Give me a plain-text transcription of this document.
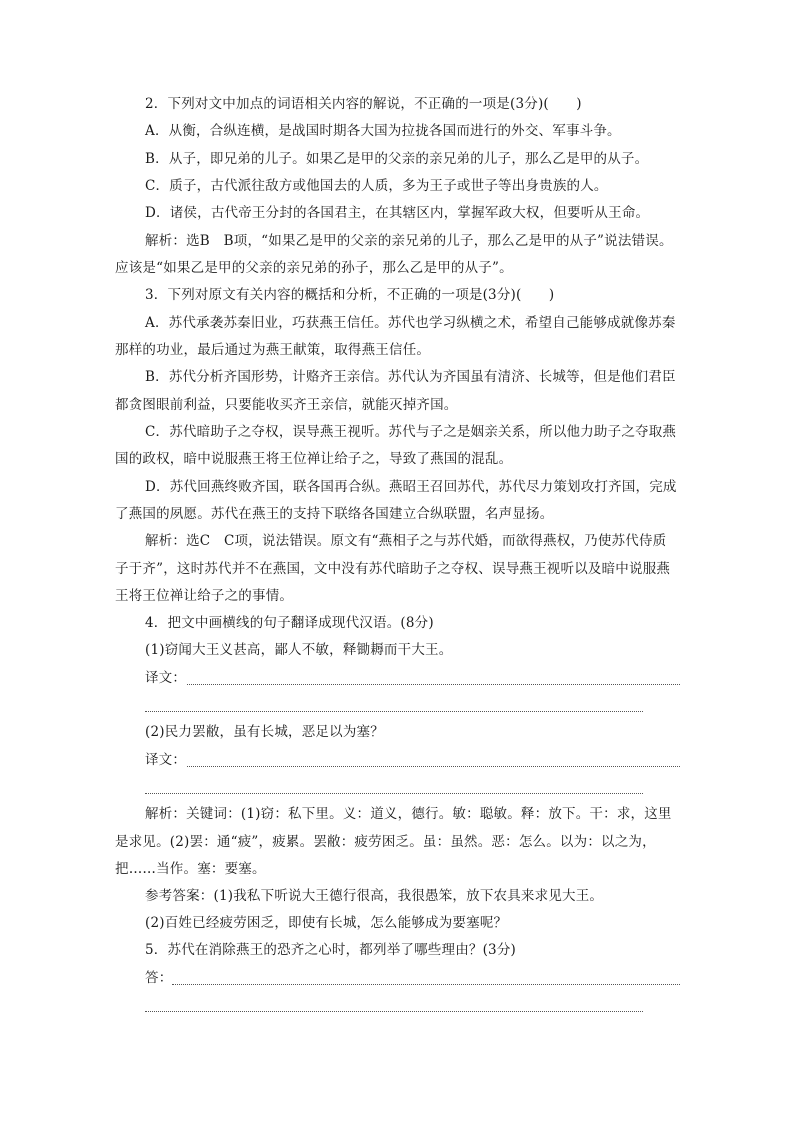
2．下列对文中加点的词语相关内容的解说，不正确的一项是(3分)(　　)
A．从衡，合纵连横，是战国时期各大国为拉拢各国而进行的外交、军事斗争。
B．从子，即兄弟的儿子。如果乙是甲的父亲的亲兄弟的儿子，那么乙是甲的从子。
C．质子，古代派往敌方或他国去的人质，多为王子或世子等出身贵族的人。
D．诸侯，古代帝王分封的各国君主，在其辖区内，掌握军政大权，但要听从王命。
解析：选B　B项，“如果乙是甲的父亲的亲兄弟的儿子，那么乙是甲的从子”说法错误。
应该是“如果乙是甲的父亲的亲兄弟的孙子，那么乙是甲的从子”。
3．下列对原文有关内容的概括和分析，不正确的一项是(3分)(　　)
A．苏代承袭苏秦旧业，巧获燕王信任。苏代也学习纵横之术，希望自己能够成就像苏秦
那样的功业，最后通过为燕王献策，取得燕王信任。
B．苏代分析齐国形势，计赂齐王亲信。苏代认为齐国虽有清济、长城等，但是他们君臣
都贪图眼前利益，只要能收买齐王亲信，就能灭掉齐国。
C．苏代暗助子之夺权，误导燕王视听。苏代与子之是姻亲关系，所以他力助子之夺取燕
国的政权，暗中说服燕王将王位禅让给子之，导致了燕国的混乱。
D．苏代回燕终败齐国，联各国再合纵。燕昭王召回苏代，苏代尽力策划攻打齐国，完成
了燕国的夙愿。苏代在燕王的支持下联络各国建立合纵联盟，名声显扬。
解析：选C　C项，说法错误。原文有“燕相子之与苏代婚，而欲得燕权，乃使苏代侍质
子于齐”，这时苏代并不在燕国，文中没有苏代暗助子之夺权、误导燕王视听以及暗中说服燕
王将王位禅让给子之的事情。
4．把文中画横线的句子翻译成现代汉语。(8分)
(1)窃闻大王义甚高，鄙人不敏，释锄耨而干大王。
译文：
(2)民力罢敝，虽有长城，恶足以为塞？
译文：
解析：关键词：(1)窃：私下里。义：道义，德行。敏：聪敏。释：放下。干：求，这里
是求见。(2)罢：通“疲”，疲累。罢敝：疲劳困乏。虽：虽然。恶：怎么。以为：以之为，
把……当作。塞：要塞。
参考答案：(1)我私下听说大王德行很高，我很愚笨，放下农具来求见大王。
(2)百姓已经疲劳困乏，即使有长城，怎么能够成为要塞呢？
5．苏代在消除燕王的恐齐之心时，都列举了哪些理由？(3分)
答：
